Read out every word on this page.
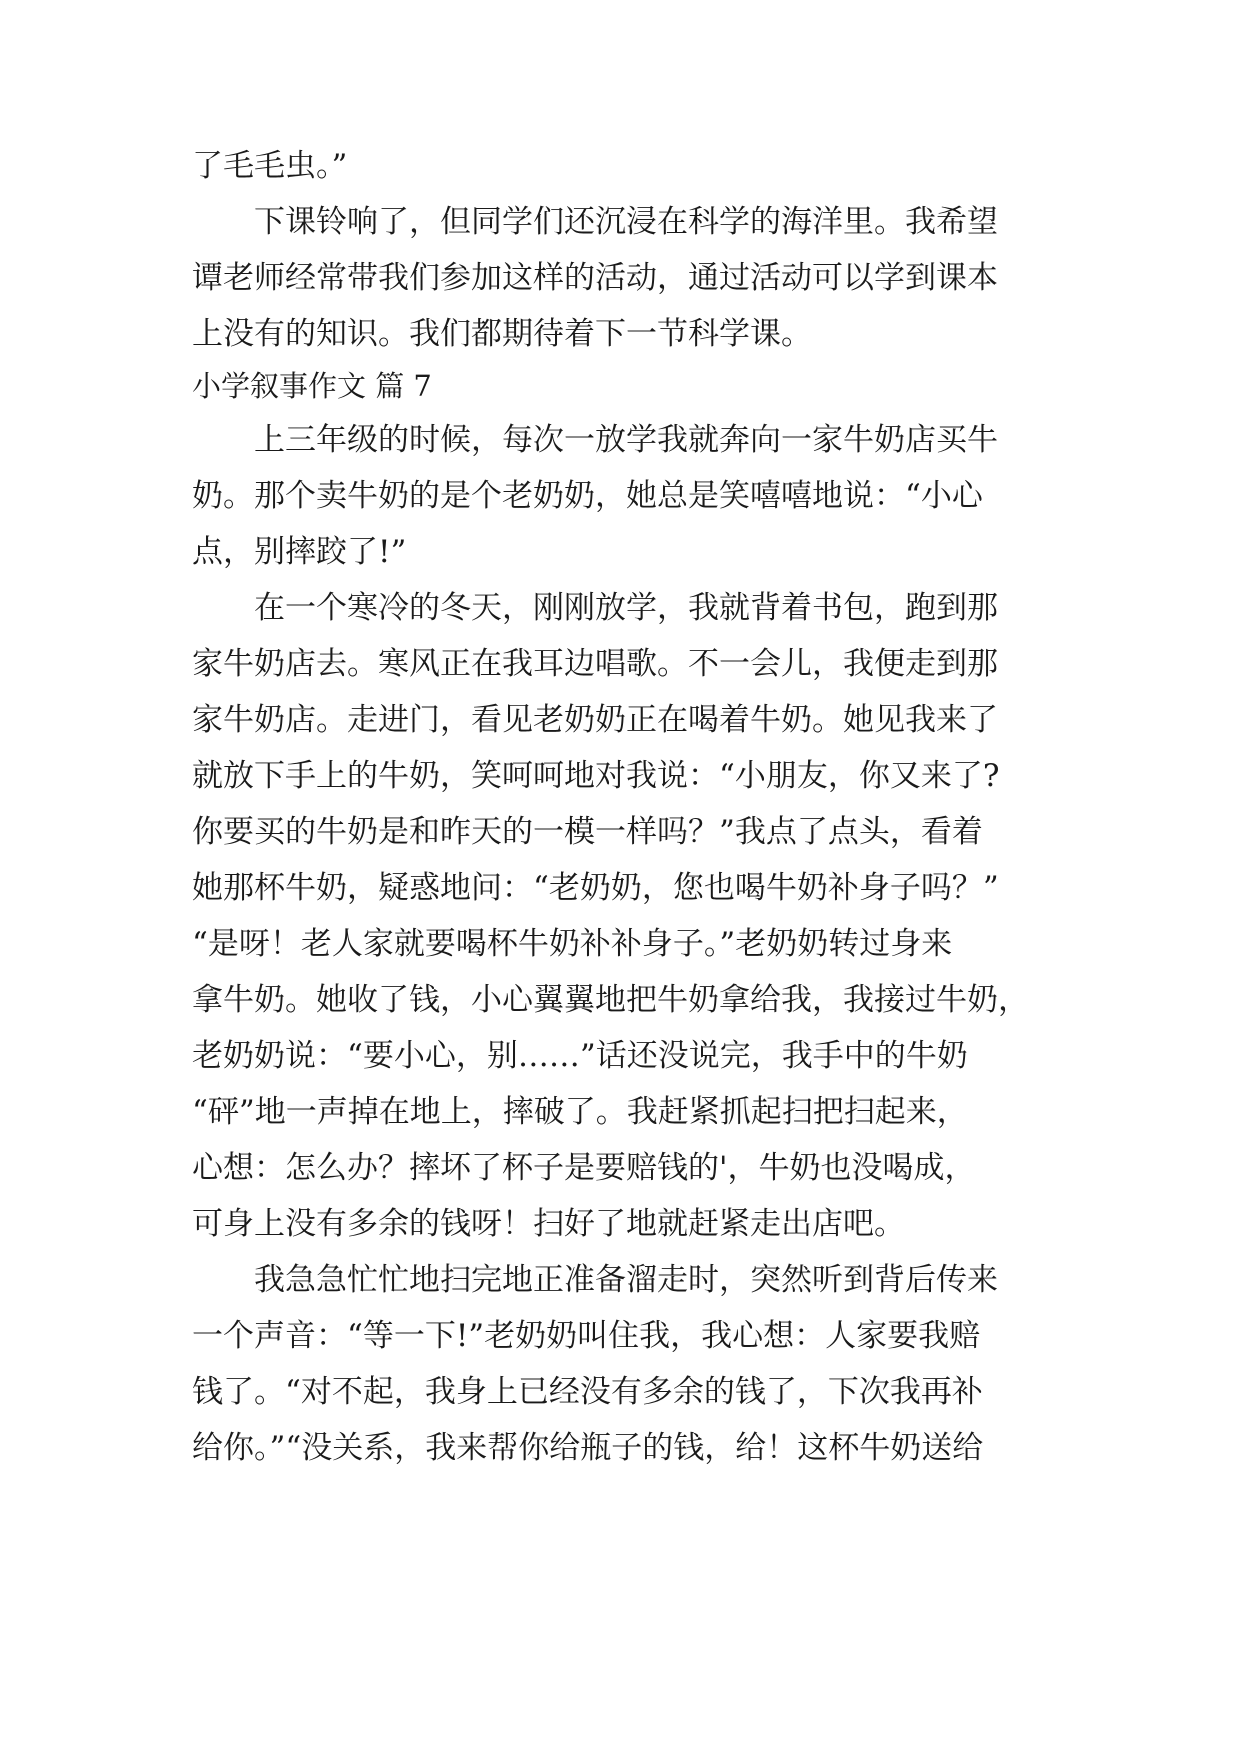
了毛毛虫。”
　　下课铃响了，但同学们还沉浸在科学的海洋里。我希望
谭老师经常带我们参加这样的活动，通过活动可以学到课本
上没有的知识。我们都期待着下一节科学课。
小学叙事作文 篇 7
　　上三年级的时候，每次一放学我就奔向一家牛奶店买牛
奶。那个卖牛奶的是个老奶奶，她总是笑嘻嘻地说：“小心
点，别摔跤了!”
　　在一个寒冷的冬天，刚刚放学，我就背着书包，跑到那
家牛奶店去。寒风正在我耳边唱歌。不一会儿，我便走到那
家牛奶店。走进门，看见老奶奶正在喝着牛奶。她见我来了
就放下手上的牛奶，笑呵呵地对我说：“小朋友，你又来了?
你要买的牛奶是和昨天的一模一样吗？”我点了点头，看着
她那杯牛奶，疑惑地问：“老奶奶，您也喝牛奶补身子吗？”
“是呀！老人家就要喝杯牛奶补补身子。”老奶奶转过身来
拿牛奶。她收了钱，小心翼翼地把牛奶拿给我，我接过牛奶，
老奶奶说：“要小心，别……”话还没说完，我手中的牛奶
“砰”地一声掉在地上，摔破了。我赶紧抓起扫把扫起来，
心想：怎么办？摔坏了杯子是要赔钱的'，牛奶也没喝成，
可身上没有多余的钱呀！扫好了地就赶紧走出店吧。
　　我急急忙忙地扫完地正准备溜走时，突然听到背后传来
一个声音：“等一下!”老奶奶叫住我，我心想：人家要我赔
钱了。“对不起，我身上已经没有多余的钱了，下次我再补
给你。”“没关系，我来帮你给瓶子的钱，给！这杯牛奶送给
